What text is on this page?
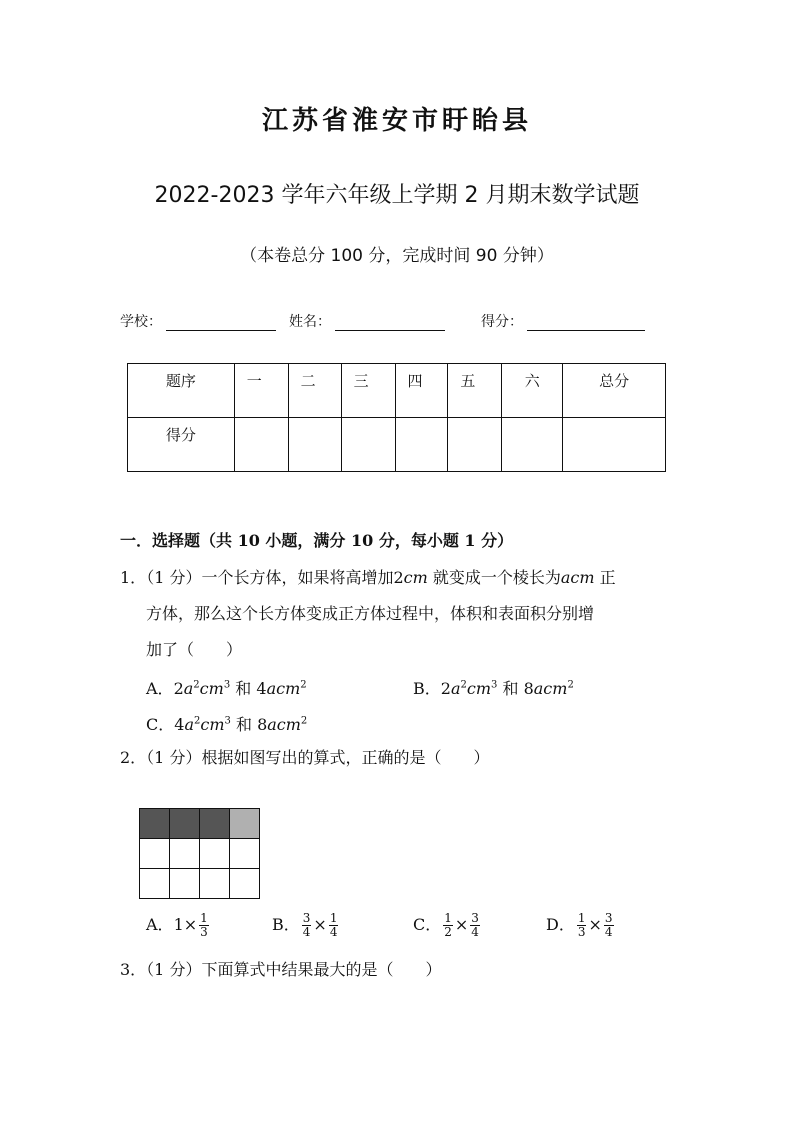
江苏省淮安市盱眙县
2022-2023 学年六年级上学期 2 月期末数学试题
（本卷总分 100 分，完成时间 90 分钟）
学校：	姓名：	得分：
题序	一	二	三	四	五	六	总分
得分							
一．选择题（共 10 小题，满分 10 分，每小题 1 分）
1．（1 分）一个长方体，如果将高增加2cm 就变成一个棱长为acm 正
方体，那么这个长方体变成正方体过程中，体积和表面积分别增
加了（　　）
A．$2a^2cm^3$ 和 4acm$^2$	B．$2a^2cm^3$ 和 8acm$^2$
C．$4a^2cm^3$ 和 8acm$^2$
2．（1 分）根据如图写出的算式，正确的是（　　）
A．$1\times \frac{1}{3}$	B． $\frac{3}{4} \times \frac{1}{4}$	C． $\frac{1}{2} \times \frac{3}{4}$	D． $\frac{1}{3} \times \frac{3}{4}$
3．（1 分）下面算式中结果最大的是（　　）
